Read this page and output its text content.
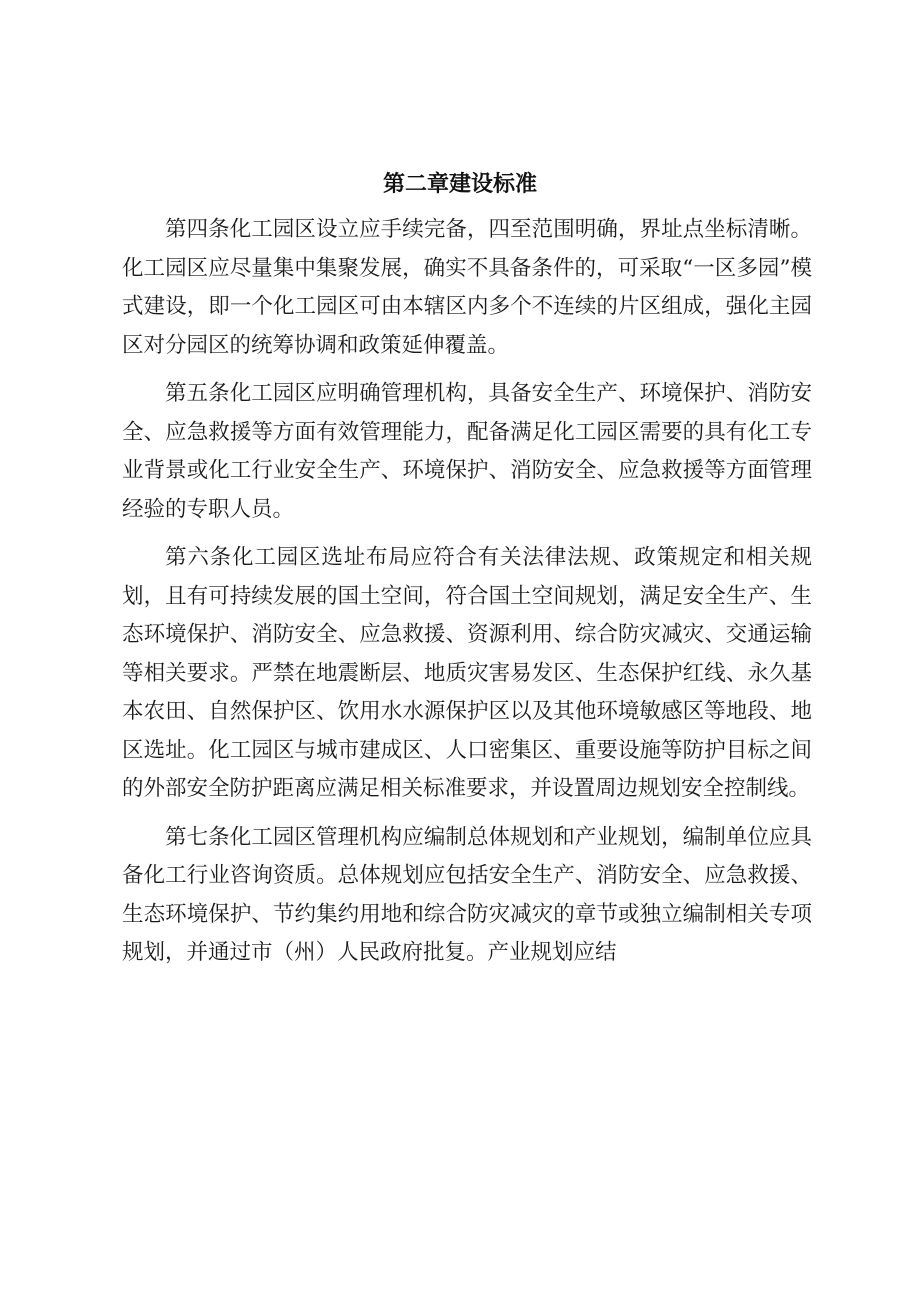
第二章建设标准

第四条化工园区设立应手续完备，四至范围明确，界址点坐标清晰。化工园区应尽量集中集聚发展，确实不具备条件的，可采取“一区多园”模式建设，即一个化工园区可由本辖区内多个不连续的片区组成，强化主园区对分园区的统筹协调和政策延伸覆盖。

第五条化工园区应明确管理机构，具备安全生产、环境保护、消防安全、应急救援等方面有效管理能力，配备满足化工园区需要的具有化工专业背景或化工行业安全生产、环境保护、消防安全、应急救援等方面管理经验的专职人员。

第六条化工园区选址布局应符合有关法律法规、政策规定和相关规划，且有可持续发展的国土空间，符合国土空间规划，满足安全生产、生态环境保护、消防安全、应急救援、资源利用、综合防灾减灾、交通运输等相关要求。严禁在地震断层、地质灾害易发区、生态保护红线、永久基本农田、自然保护区、饮用水水源保护区以及其他环境敏感区等地段、地区选址。化工园区与城市建成区、人口密集区、重要设施等防护目标之间的外部安全防护距离应满足相关标准要求，并设置周边规划安全控制线。

第七条化工园区管理机构应编制总体规划和产业规划，编制单位应具备化工行业咨询资质。总体规划应包括安全生产、消防安全、应急救援、生态环境保护、节约集约用地和综合防灾减灾的章节或独立编制相关专项规划，并通过市（州）人民政府批复。产业规划应结
